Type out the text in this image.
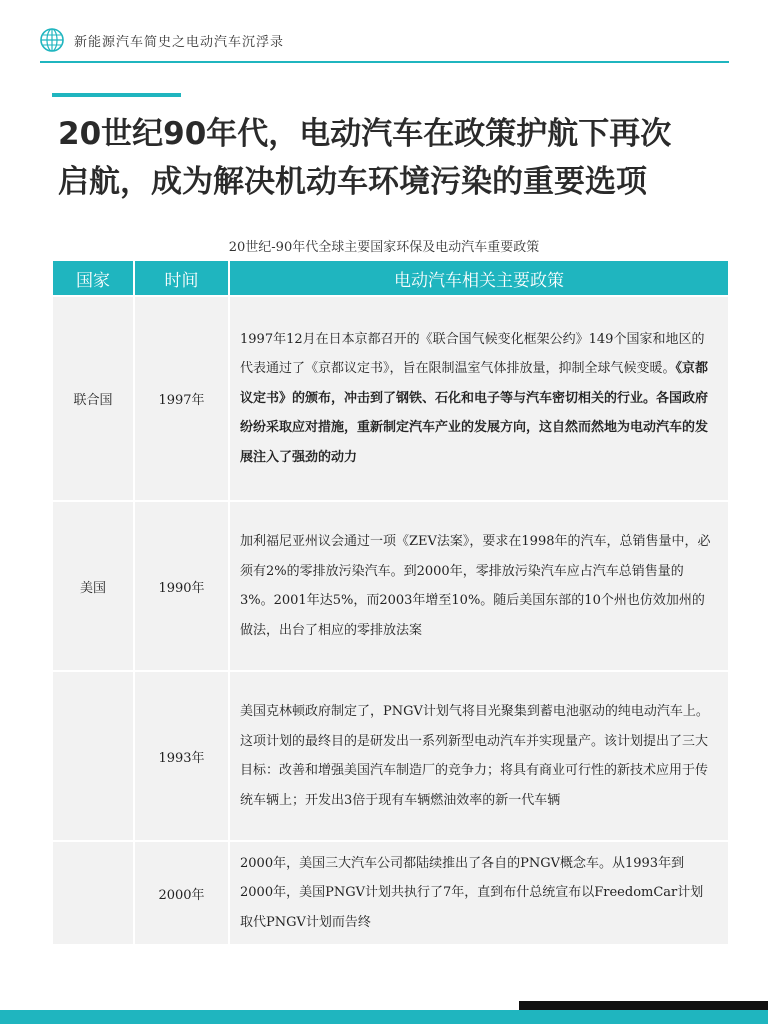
新能源汽车简史之电动汽车沉浮录
20世纪90年代，电动汽车在政策护航下再次
启航，成为解决机动车环境污染的重要选项
20世纪-90年代全球主要国家环保及电动汽车重要政策
国家	时间	电动汽车相关主要政策
联合国	1997年	1997年12月在日本京都召开的《联合国气候变化框架公约》149个国家和地区的代表通过了《京都议定书》，旨在限制温室气体排放量，抑制全球气候变暖。《京都议定书》的颁布，冲击到了钢铁、石化和电子等与汽车密切相关的行业。各国政府纷纷采取应对措施，重新制定汽车产业的发展方向，这自然而然地为电动汽车的发展注入了强劲的动力
美国	1990年	加利福尼亚州议会通过一项《ZEV法案》，要求在1998年的汽车，总销售量中，必须有2%的零排放污染汽车。到2000年，零排放污染汽车应占汽车总销售量的3%。2001年达5%，而2003年增至10%。随后美国东部的10个州也仿效加州的做法，出台了相应的零排放法案
	1993年	美国克林顿政府制定了，PNGV计划气将目光聚集到蓄电池驱动的纯电动汽车上。这项计划的最终目的是研发出一系列新型电动汽车并实现量产。该计划提出了三大目标：改善和增强美国汽车制造厂的竞争力；将具有商业可行性的新技术应用于传统车辆上；开发出3倍于现有车辆燃油效率的新一代车辆
	2000年	2000年，美国三大汽车公司都陆续推出了各自的PNGV概念车。从1993年到2000年，美国PNGV计划共执行了7年，直到布什总统宣布以FreedomCar计划取代PNGV计划而告终
